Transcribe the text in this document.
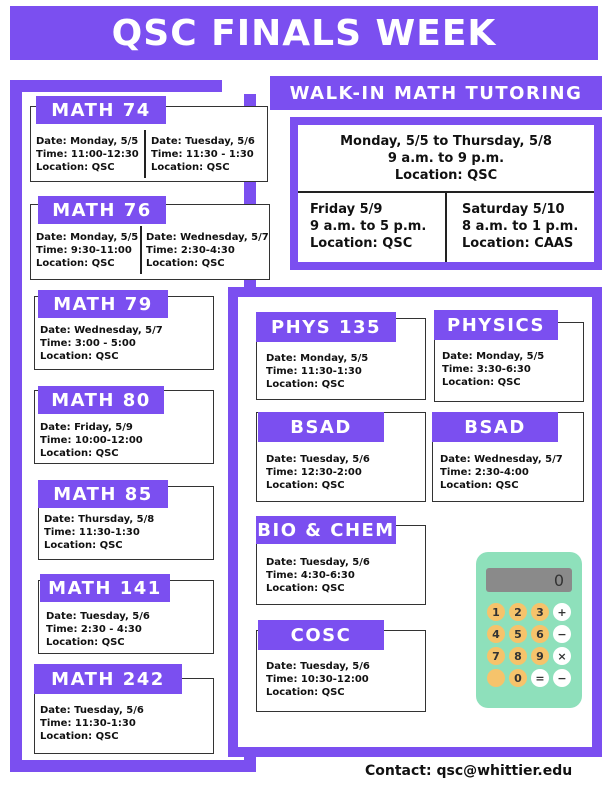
QSC FINALS WEEK
MATH 74
Date: Monday, 5/5
Time: 11:00-12:30
Location: QSC
Date: Tuesday, 5/6
Time: 11:30 - 1:30
Location: QSC
MATH 76
Date: Monday, 5/5
Time: 9:30-11:00
Location: QSC
Date: Wednesday, 5/7
Time: 2:30-4:30
Location: QSC
MATH 79
Date: Wednesday, 5/7
Time: 3:00 - 5:00
Location: QSC
MATH 80
Date: Friday, 5/9
Time: 10:00-12:00
Location: QSC
MATH 85
Date: Thursday, 5/8
Time: 11:30-1:30
Location: QSC
MATH 141
Date: Tuesday, 5/6
Time: 2:30 - 4:30
Location: QSC
MATH 242
Date: Tuesday, 5/6
Time: 11:30-1:30
Location: QSC
WALK-IN MATH TUTORING
Monday, 5/5 to Thursday, 5/8
9 a.m. to 9 p.m.
Location: QSC
Friday 5/9
9 a.m. to 5 p.m.
Location: QSC
Saturday 5/10
8 a.m. to 1 p.m.
Location: CAAS
PHYS 135
Date: Monday, 5/5
Time: 11:30-1:30
Location: QSC
PHYSICS
Date: Monday, 5/5
Time: 3:30-6:30
Location: QSC
BSAD
Date: Tuesday, 5/6
Time: 12:30-2:00
Location: QSC
BSAD
Date: Wednesday, 5/7
Time: 2:30-4:00
Location: QSC
BIO & CHEM
Date: Tuesday, 5/6
Time: 4:30-6:30
Location: QSC
COSC
Date: Tuesday, 5/6
Time: 10:30-12:00
Location: QSC
0
1 2 3 +
4 5 6 −
7 8 9 ×
0 = −
Contact: qsc@whittier.edu
